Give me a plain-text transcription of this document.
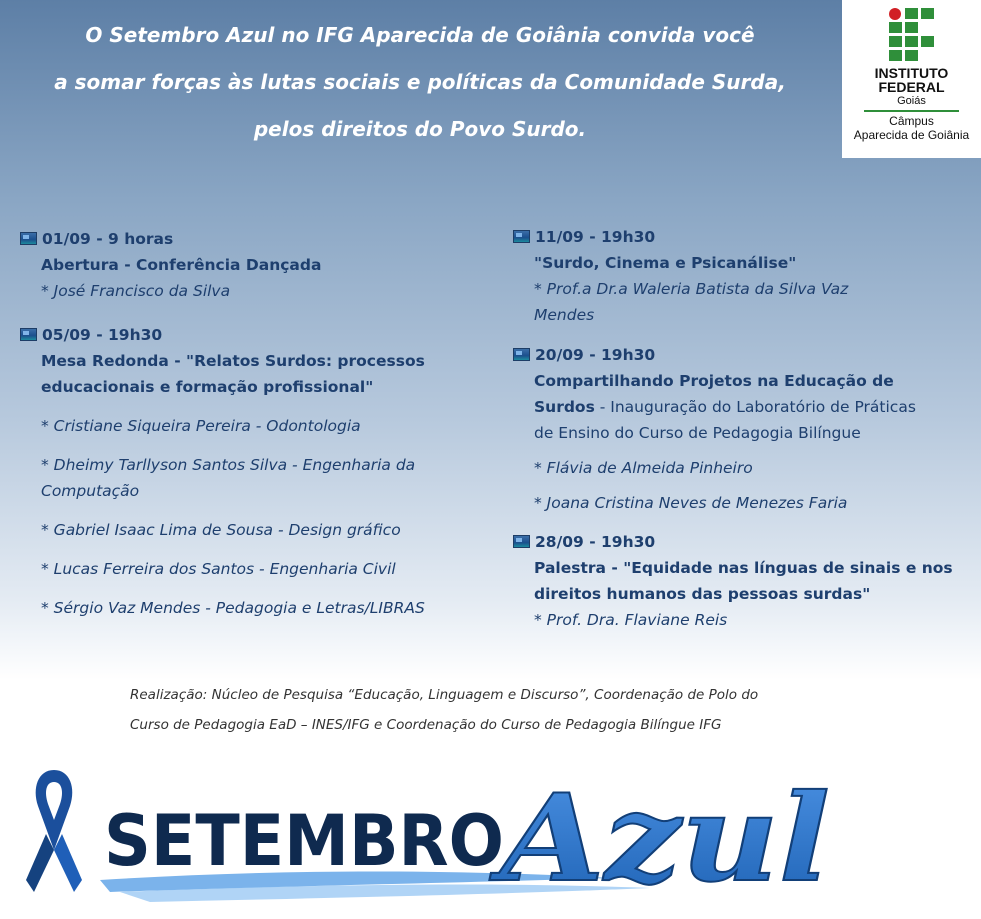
O Setembro Azul no IFG Aparecida de Goiânia convida você
a somar forças às lutas sociais e políticas da Comunidade Surda,
pelos direitos do Povo Surdo.
INSTITUTO
FEDERAL
Goiás
Câmpus
Aparecida de Goiânia
01/09 - 9 horas
Abertura - Conferência Dançada
* José Francisco da Silva
05/09 - 19h30
Mesa Redonda - "Relatos Surdos: processos
educacionais e formação profissional"
* Cristiane Siqueira Pereira - Odontologia
* Dheimy Tarllyson Santos Silva - Engenharia da
Computação
* Gabriel Isaac Lima de Sousa - Design gráfico
* Lucas Ferreira dos Santos - Engenharia Civil
* Sérgio Vaz Mendes - Pedagogia e Letras/LIBRAS
11/09 - 19h30
"Surdo, Cinema e Psicanálise"
* Prof.a Dr.a Waleria Batista da Silva Vaz
Mendes
20/09 - 19h30
Compartilhando Projetos na Educação de
Surdos - Inauguração do Laboratório de Práticas
de Ensino do Curso de Pedagogia Bilíngue
* Flávia de Almeida Pinheiro
* Joana Cristina Neves de Menezes Faria
28/09 - 19h30
Palestra - "Equidade nas línguas de sinais e nos
direitos humanos das pessoas surdas"
* Prof. Dra. Flaviane Reis
Realização: Núcleo de Pesquisa “Educação, Linguagem e Discurso”, Coordenação de Polo do
Curso de Pedagogia EaD – INES/IFG e Coordenação do Curso de Pedagogia Bilíngue IFG
SETEMBRO
Azul
